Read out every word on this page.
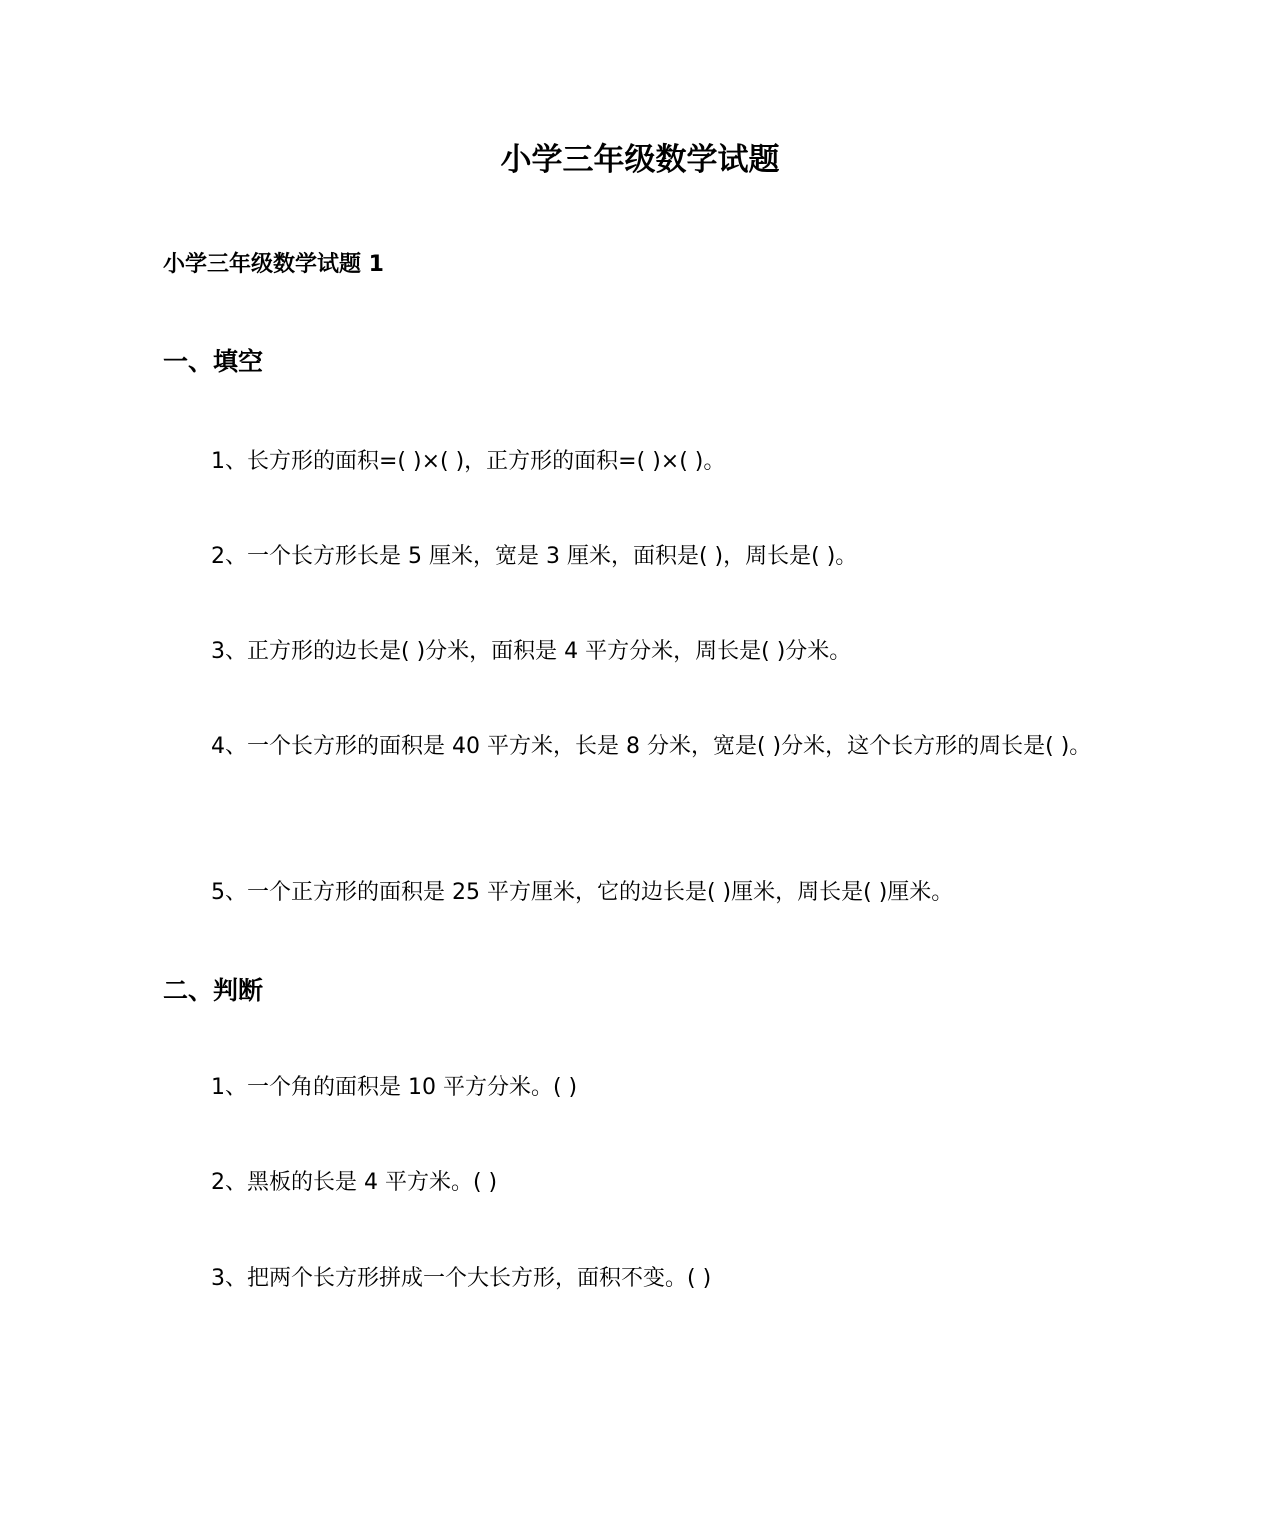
小学三年级数学试题
小学三年级数学试题 1
一、填空

1、长方形的面积=( )×( )，正方形的面积=( )×( )。

2、一个长方形长是 5 厘米，宽是 3 厘米，面积是( )，周长是( )。

3、正方形的边长是( )分米，面积是 4 平方分米，周长是( )分米。

4、一个长方形的面积是 40 平方米，长是 8 分米，宽是( )分米，这个长方形的周长是( )。

5、一个正方形的面积是 25 平方厘米，它的边长是( )厘米，周长是( )厘米。

二、判断

1、一个角的面积是 10 平方分米。( )

2、黑板的长是 4 平方米。( )

3、把两个长方形拼成一个大长方形，面积不变。( )
